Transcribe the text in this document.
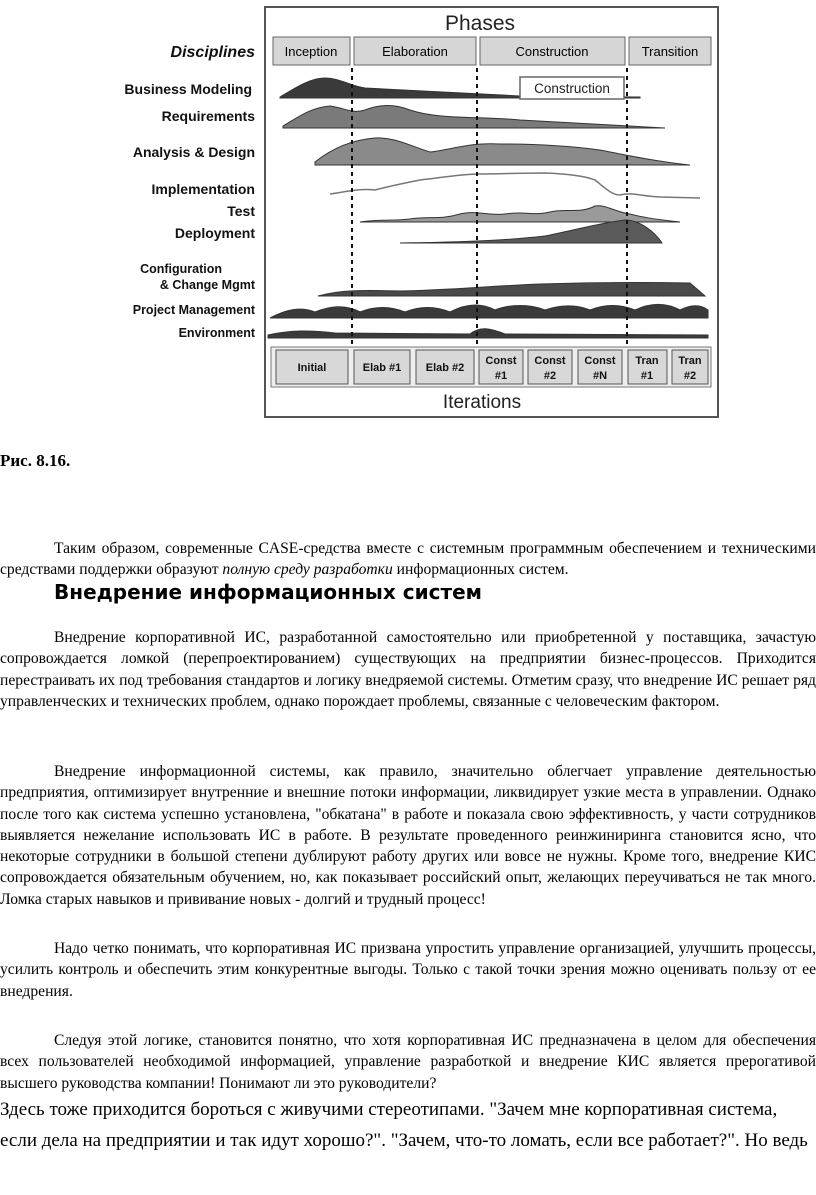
Phases
Disciplines Inception	Elaboration	Construction	Transition
Business Modeling
Requirements
Analysis & Design
Implementation
Test
Deployment
Configuration
& Change Mgmt
Project Management
Environment
Construction
Initial	Elab #1 Elab #2
Const
#1
Const
#2
Const
#N
Tran
#1
Tran
#2
Iterations
Рис. 8.16.

Таким образом, современные CASE-средства вместе с системным программным обеспечением и техническими средствами поддержки образуют полную среду разработки информационных систем.

Внедрение информационных систем

Внедрение корпоративной ИС, разработанной самостоятельно или приобретенной у поставщика, зачастую сопровождается ломкой (перепроектированием) существующих на предприятии бизнес-процессов. Приходится перестраивать их под требования стандартов и логику внедряемой системы. Отметим сразу, что внедрение ИС решает ряд управленческих и технических проблем, однако порождает проблемы, связанные с человеческим фактором.

Внедрение информационной системы, как правило, значительно облегчает управление деятельностью предприятия, оптимизирует внутренние и внешние потоки информации, ликвидирует узкие места в управлении. Однако после того как система успешно установлена, "обкатана" в работе и показала свою эффективность, у части сотрудников выявляется нежелание использовать ИС в работе. В результате проведенного реинжиниринга становится ясно, что некоторые сотрудники в большой степени дублируют работу других или вовсе не нужны. Кроме того, внедрение КИС сопровождается обязательным обучением, но, как показывает российский опыт, желающих переучиваться не так много. Ломка старых навыков и прививание новых - долгий и трудный процесс!

Надо четко понимать, что корпоративная ИС призвана упростить управление организацией, улучшить процессы, усилить контроль и обеспечить этим конкурентные выгоды. Только с такой точки зрения можно оценивать пользу от ее внедрения.

Следуя этой логике, становится понятно, что хотя корпоративная ИС предназначена в целом для обеспечения всех пользователей необходимой информацией, управление разработкой и внедрение КИС является прерогативой высшего руководства компании! Понимают ли это руководители?

Здесь тоже приходится бороться с живучими стереотипами. "Зачем мне корпоративная система, если дела на предприятии и так идут хорошо?". "Зачем, что-то ломать, если все работает?". Но ведь
